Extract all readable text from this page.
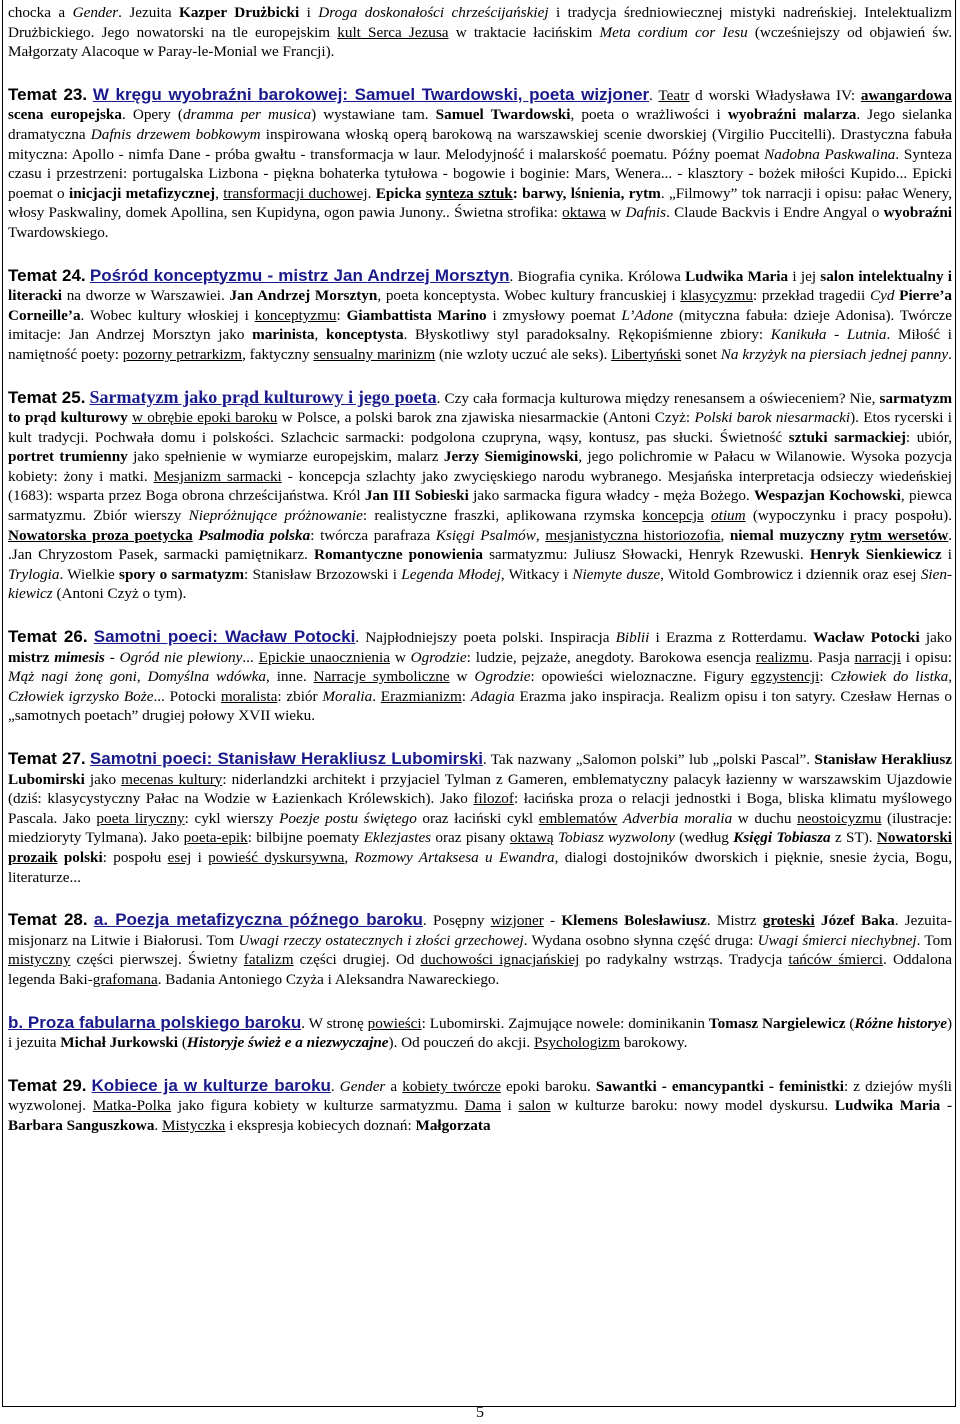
chocka a Gender. Jezuita Kazper Drużbicki i Droga doskonałości chrześcijańskiej i tradycja średniowiecznej mistyki nadreńskiej. Intelektualizm Drużbickiego. Jego nowatorski na tle europejskim kult Serca Jezusa w traktacie łacińskim Meta cordium cor Iesu (wcześniejszy od objawień św. Małgorzaty Alacoque w Paray-le-Monial we Francji).

Temat 23. W kręgu wyobraźni barokowej: Samuel Twardowski, poeta wizjoner. Teatr d worski Władysława IV: awangardowa scena europejska. Opery (dramma per musica) wystawiane tam. Samuel Twardowski, poeta o wrażliwości i wyobraźni malarza. Jego sielanka dramatyczna Dafnis drzewem bobkowym inspirowana włoską operą barokową na warszawskiej scenie dworskiej (Virgilio Puccitelli). Drastyczna fabuła mityczna: Apollo - nimfa Dane - próba gwałtu - transformacja w laur. Melodyjność i malarskość poematu. Późny poemat Nadobna Paskwalina. Synteza czasu i przestrzeni: portugalska Lizbona - piękna bohaterka tytułowa - bogowie i boginie: Mars, Wenera... - klasztory - bożek miłości Kupido... Epicki poemat o inicjacji metafizycznej, transformacji duchowej. Epicka synteza sztuk: barwy, lśnienia, rytm. „Filmowy” tok narracji i opisu: pałac Wenery, włosy Paskwaliny, domek Apollina, sen Kupidyna, ogon pawia Junony.. Świetna strofika: oktawa w Dafnis. Claude Backvis i Endre Angyal o wyobraźni Twardowskiego.

Temat 24. Pośród konceptyzmu - mistrz Jan Andrzej Morsztyn. Biografia cynika. Królowa Ludwika Maria i jej salon intelektualny i literacki na dworze w Warszawiei. Jan Andrzej Morsztyn, poeta konceptysta. Wobec kultury francuskiej i klasycyzmu: przekład tragedii Cyd Pierre’a Corneille’a. Wobec kultury włoskiej i konceptyzmu: Giambattista Marino i zmysłowy poemat L’Adone (mityczna fabuła: dzieje Adonisa). Twórcze imitacje: Jan Andrzej Morsztyn jako marinista, konceptysta. Błyskotliwy styl paradoksalny. Rękopiśmienne zbiory: Kanikuła - Lutnia. Miłość i namiętność poety: pozorny petrarkizm, faktyczny sensualny marinizm (nie wzloty uczuć ale seks). Libertyński sonet Na krzyżyk na piersiach jednej panny.

Temat 25. Sarmatyzm jako prąd kulturowy i jego poeta. Czy cała formacja kulturowa między renesansem a oświeceniem? Nie, sarmatyzm to prąd kulturowy w obrębie epoki baroku w Polsce, a polski barok zna zjawiska niesarmackie (Antoni Czyż: Polski barok niesarmacki). Etos rycerski i kult tradycji. Pochwała domu i polskości. Szlachcic sarmacki: podgolona czupryna, wąsy, kontusz, pas słucki. Świetność sztuki sarmackiej: ubiór, portret trumienny jako spełnienie w wymiarze europejskim, malarz Jerzy Siemiginowski, jego polichromie w Pałacu w Wilanowie. Wysoka pozycja kobiety: żony i matki. Mesjanizm sarmacki - koncepcja szlachty jako zwycięskiego narodu wybranego. Mesjańska interpretacja odsieczy wiedeńskiej (1683): wsparta przez Boga obrona chrześcijaństwa. Król Jan III Sobieski jako sarmacka figura władcy - męża Bożego. Wespazjan Kochowski, piewca sarmatyzmu. Zbiór wierszy Niepróżnujące próżnowanie: realistyczne fraszki, aplikowana rzymska koncepcja otium (wypoczynku i pracy pospołu). Nowatorska proza poetycka Psalmodia polska: twórcza parafraza Księgi Psalmów, mesjanistyczna historiozofia, niemal muzyczny rytm wersetów. .Jan Chryzostom Pasek, sarmacki pamiętnikarz. Romantyczne ponowienia sarmatyzmu: Juliusz Słowacki, Henryk Rzewuski. Henryk Sienkiewicz i Trylogia. Wielkie spory o sarmatyzm: Stanisław Brzozowski i Legenda Młodej, Witkacy i Niemyte dusze, Witold Gombrowicz i dziennik oraz esej Sienkiewicz (Antoni Czyż o tym).

Temat 26. Samotni poeci: Wacław Potocki. Najpłodniejszy poeta polski. Inspiracja Biblii i Erazma z Rotterdamu. Wacław Potocki jako mistrz mimesis - Ogród nie plewiony... Epickie unaocznienia w Ogrodzie: ludzie, pejzaże, anegdoty. Barokowa esencja realizmu. Pasja narracji i opisu: Mąż nagi żonę goni, Domyślna wdówka, inne. Narracje symboliczne w Ogrodzie: opowieści wieloznaczne. Figury egzystencji: Człowiek do listka, Człowiek igrzysko Boże... Potocki moralista: zbiór Moralia. Erazmianizm: Adagia Erazma jako inspiracja. Realizm opisu i ton satyry. Czesław Hernas o „samotnych poetach” drugiej połowy XVII wieku.

Temat 27. Samotni poeci: Stanisław Herakliusz Lubomirski. Tak nazwany „Salomon polski” lub „polski Pascal”. Stanisław Herakliusz Lubomirski jako mecenas kultury: niderlandzki architekt i przyjaciel Tylman z Gameren, emblematyczny palacyk łazienny w warszawskim Ujazdowie (dziś: klasycystyczny Pałac na Wodzie w Łazienkach Królewskich). Jako filozof: łacińska proza o relacji jednostki i Boga, bliska klimatu myślowego Pascala. Jako poeta liryczny: cykl wierszy Poezje postu świętego oraz łaciński cykl emblematów Adverbia moralia w duchu neostoicyzmu (ilustracje: miedzioryty Tylmana). Jako poeta-epik: bilbijne poematy Eklezjastes oraz pisany oktawą Tobiasz wyzwolony (według Księgi Tobiasza z ST). Nowatorski prozaik polski: pospołu esej i powieść dyskursywna, Rozmowy Artaksesa u Ewandra, dialogi dostojników dworskich i pięknie, snesie życia, Bogu, literaturze...

Temat 28. a. Poezja metafizyczna późnego baroku. Posępny wizjoner - Klemens Bolesławiusz. Mistrz groteski Józef Baka. Jezuita-misjonarz na Litwie i Białorusi. Tom Uwagi rzeczy ostatecznych i złości grzechowej. Wydana osobno słynna część druga: Uwagi śmierci niechybnej. Tom mistyczny części pierwszej. Świetny fatalizm części drugiej. Od duchowości ignacjańskiej po radykalny wstrząs. Tradycja tańców śmierci. Oddalona legenda Baki-grafomana. Badania Antoniego Czyża i Aleksandra Nawareckiego.

b. Proza fabularna polskiego baroku. W stronę powieści: Lubomirski. Zajmujące nowele: dominikanin Tomasz Nargielewicz (Różne historye) i jezuita Michał Jurkowski (Historyje śwież e a niezwyczajne). Od pouczeń do akcji. Psychologizm barokowy.

Temat 29. Kobiece ja w kulturze baroku. Gender a kobiety twórcze epoki baroku. Sawantki - emancypantki - feministki: z dziejów myśli wyzwolonej. Matka-Polka jako figura kobiety w kulturze sarmatyzmu. Dama i salon w kulturze baroku: nowy model dyskursu. Ludwika Maria - Barbara Sanguszkowa. Mistyczka i ekspresja kobiecych doznań: Małgorzata

5
